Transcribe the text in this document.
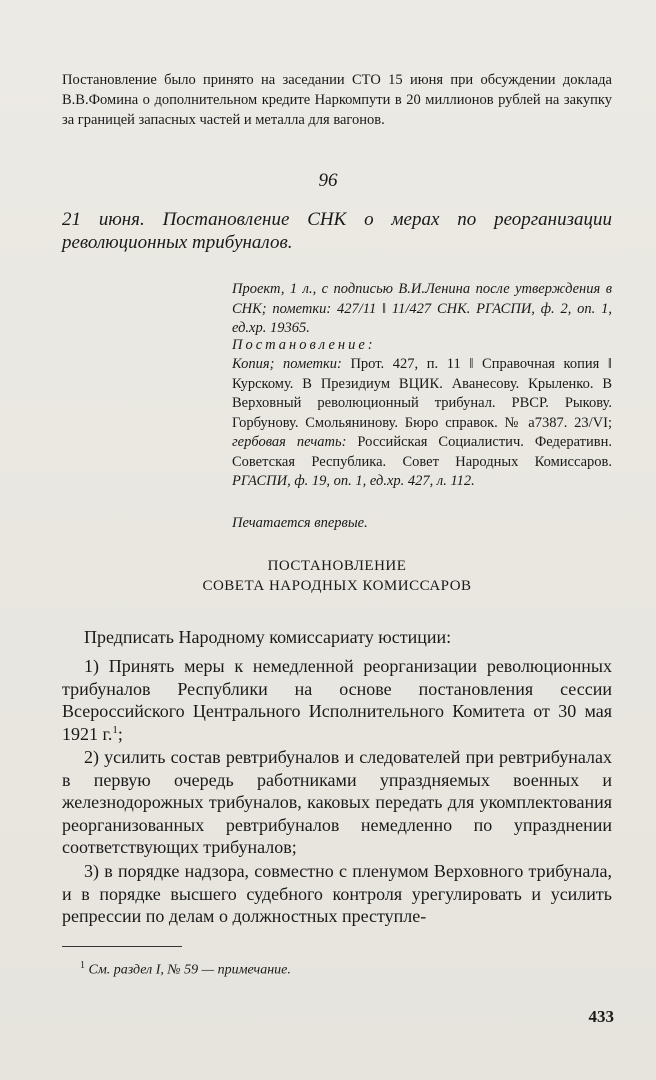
Постановление было принято на заседании СТО 15 июня при обсуждении доклада В.В.Фомина о дополнительном кредите Наркомпути в 20 миллионов рублей на закупку за границей запасных частей и металла для вагонов.

96

21 июня. Постановление СНК о мерах по реорганизации революционных трибуналов.

Проект, 1 л., с подписью В.И.Ленина после утверждения в СНК; пометки: 427/11 ‖ 11/427 СНК. РГАСПИ, ф. 2, оп. 1, ед.хр. 19365.

Постановление:

Копия; пометки: Прот. 427, п. 11 ‖ Справочная копия ‖ Курскому. В Президиум ВЦИК. Аванесову. Крыленко. В Верховный революционный трибунал. РВСР. Рыкову. Горбунову. Смольянинову. Бюро справок. № а7387. 23/VI; гербовая печать: Российская Социалистич. Федеративн. Советская Республика. Совет Народных Комиссаров. РГАСПИ, ф. 19, оп. 1, ед.хр. 427, л. 112.

Печатается впервые.

ПОСТАНОВЛЕНИЕ

СОВЕТА НАРОДНЫХ КОМИССАРОВ

Предписать Народному комиссариату юстиции:

1) Принять меры к немедленной реорганизации революционных трибуналов Республики на основе постановления сессии Всероссийского Центрального Исполнительного Комитета от 30 мая 1921 г.$^1$;

2) усилить состав ревтрибуналов и следователей при ревтрибуналах в первую очередь работниками упраздняемых военных и железнодорожных трибуналов, каковых передать для укомплектования реорганизованных ревтрибуналов немедленно по упразднении соответствующих трибуналов;

3) в порядке надзора, совместно с пленумом Верховного трибунала, и в порядке высшего судебного контроля урегулировать и усилить репрессии по делам о должностных преступле-

$^1$ См. раздел I, № 59 — примечание.

433
